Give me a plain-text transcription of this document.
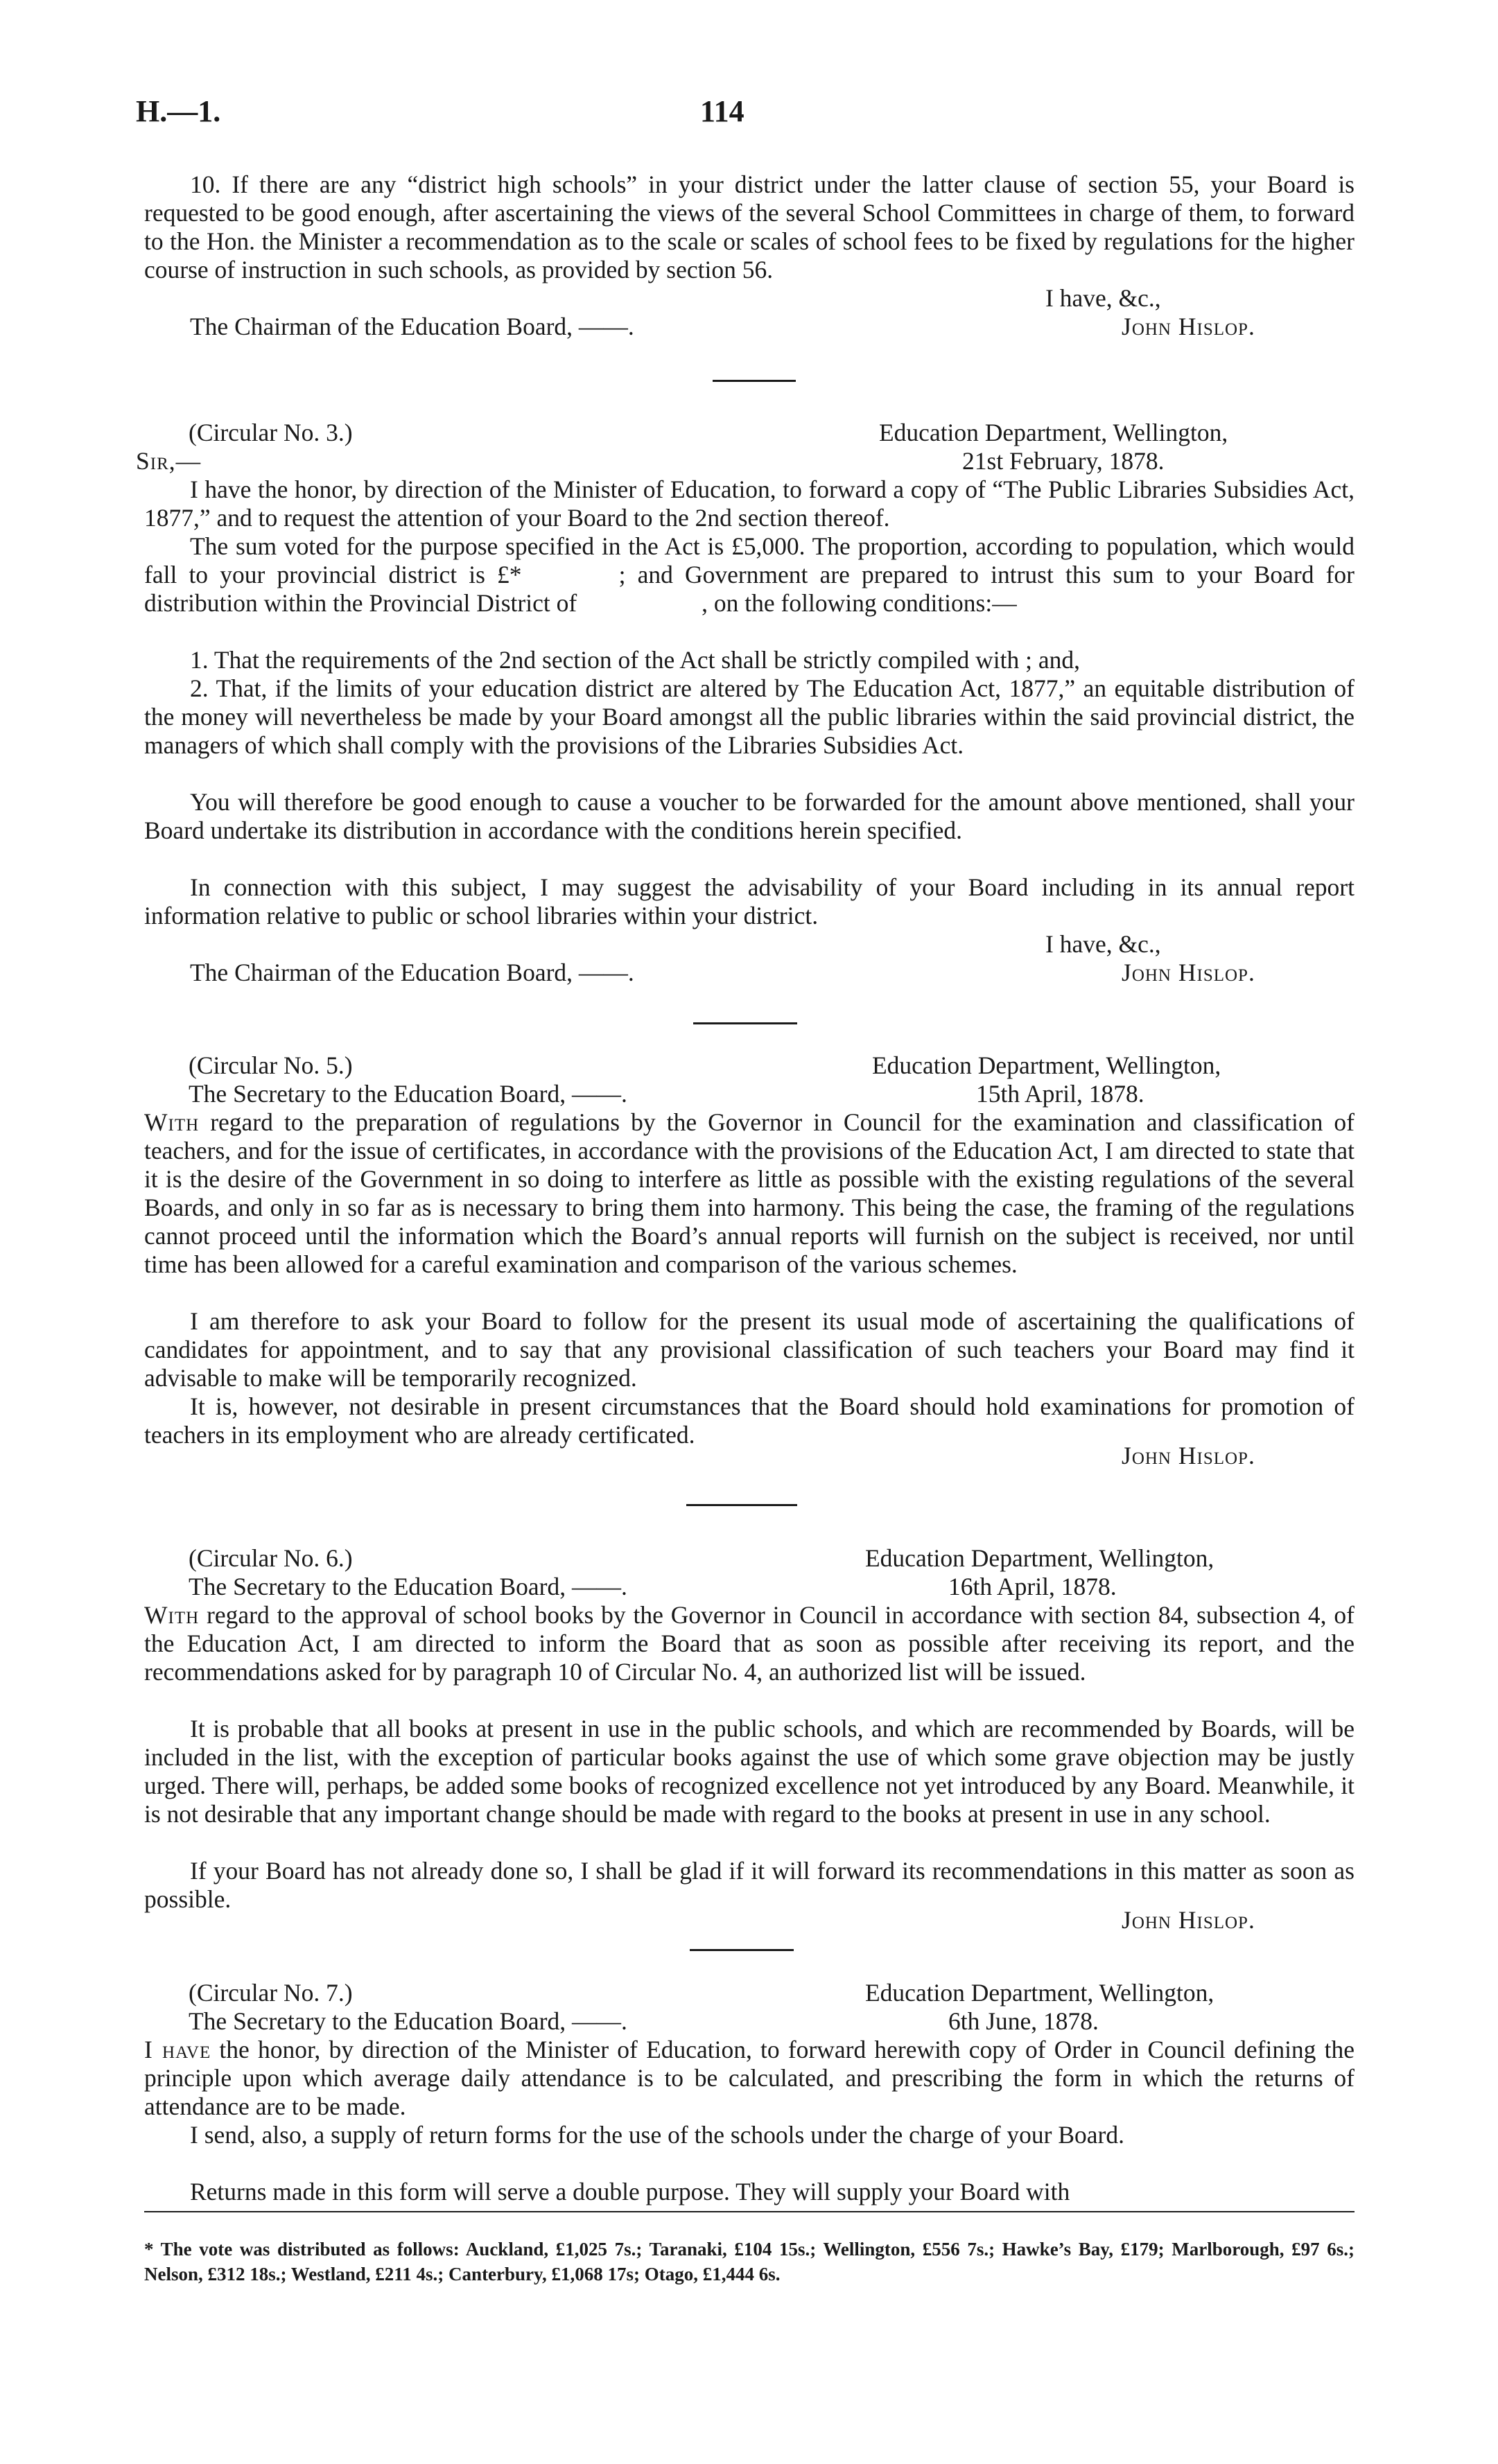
H.—1.	114

10. If there are any “district high schools” in your district under the latter clause of section 55, your Board is requested to be good enough, after ascertaining the views of the several School Committees in charge of them, to forward to the Hon. the Minister a recommendation as to the scale or scales of school fees to be fixed by regulations for the higher course of instruction in such schools, as provided by section 56.

I have, &c.,
The Chairman of the Education Board, ——.	John Hislop.
(Circular No. 3.)	Education Department, Wellington,
Sir,—	21st February, 1878.

I have the honor, by direction of the Minister of Education, to forward a copy of “The Public Libraries Subsidies Act, 1877,” and to request the attention of your Board to the 2nd section thereof.

The sum voted for the purpose specified in the Act is £5,000. The proportion, according to population, which would fall to your provincial district is £*	; and Government are prepared to intrust this sum to your Board for distribution within the Provincial District of	, on the following conditions:—

1. That the requirements of the 2nd section of the Act shall be strictly compiled with ; and,

2. That, if the limits of your education district are altered by The Education Act, 1877,” an equitable distribution of the money will nevertheless be made by your Board amongst all the public libraries within the said provincial district, the managers of which shall comply with the provisions of the Libraries Subsidies Act.

You will therefore be good enough to cause a voucher to be forwarded for the amount above mentioned, shall your Board undertake its distribution in accordance with the conditions herein specified.

In connection with this subject, I may suggest the advisability of your Board including in its annual report information relative to public or school libraries within your district.

I have, &c.,
The Chairman of the Education Board, ——.	John Hislop.
(Circular No. 5.)	Education Department, Wellington,
The Secretary to the Education Board, ——.	15th April, 1878.

With regard to the preparation of regulations by the Governor in Council for the examination and classification of teachers, and for the issue of certificates, in accordance with the provisions of the Education Act, I am directed to state that it is the desire of the Government in so doing to interfere as little as possible with the existing regulations of the several Boards, and only in so far as is necessary to bring them into harmony. This being the case, the framing of the regulations cannot proceed until the information which the Board’s annual reports will furnish on the subject is received, nor until time has been allowed for a careful examination and comparison of the various schemes.

I am therefore to ask your Board to follow for the present its usual mode of ascertaining the qualifications of candidates for appointment, and to say that any provisional classification of such teachers your Board may find it advisable to make will be temporarily recognized.

It is, however, not desirable in present circumstances that the Board should hold examinations for promotion of teachers in its employment who are already certificated.

John Hislop.
(Circular No. 6.)	Education Department, Wellington,
The Secretary to the Education Board, ——.	16th April, 1878.

With regard to the approval of school books by the Governor in Council in accordance with section 84, subsection 4, of the Education Act, I am directed to inform the Board that as soon as possible after receiving its report, and the recommendations asked for by paragraph 10 of Circular No. 4, an authorized list will be issued.

It is probable that all books at present in use in the public schools, and which are recommended by Boards, will be included in the list, with the exception of particular books against the use of which some grave objection may be justly urged. There will, perhaps, be added some books of recognized excellence not yet introduced by any Board. Meanwhile, it is not desirable that any important change should be made with regard to the books at present in use in any school.

If your Board has not already done so, I shall be glad if it will forward its recommendations in this matter as soon as possible.

John Hislop.
(Circular No. 7.)	Education Department, Wellington,
The Secretary to the Education Board, ——.	6th June, 1878.

I have the honor, by direction of the Minister of Education, to forward herewith copy of Order in Council defining the principle upon which average daily attendance is to be calculated, and prescribing the form in which the returns of attendance are to be made.

I send, also, a supply of return forms for the use of the schools under the charge of your Board.

Returns made in this form will serve a double purpose. They will supply your Board with

* The vote was distributed as follows: Auckland, £1,025 7s.; Taranaki, £104 15s.; Wellington, £556 7s.; Hawke’s Bay, £179; Marlborough, £97 6s.; Nelson, £312 18s.; Westland, £211 4s.; Canterbury, £1,068 17s; Otago, £1,444 6s.
